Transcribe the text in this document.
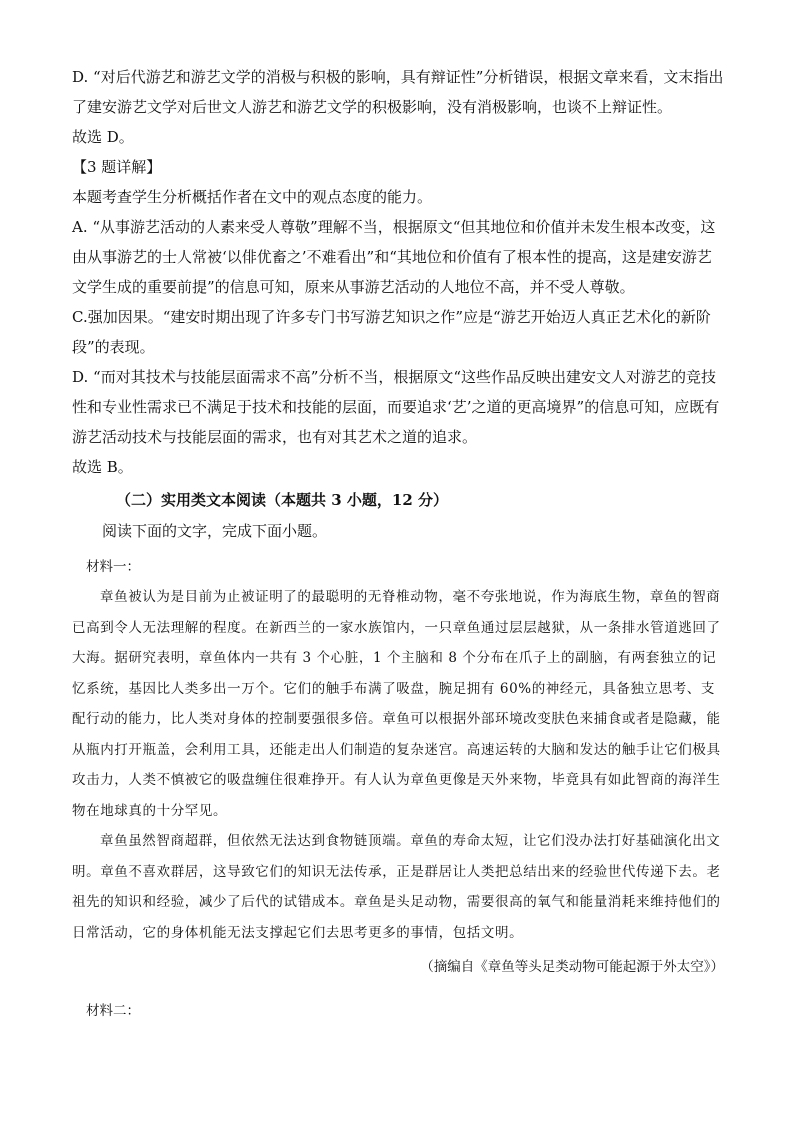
D. “对后代游艺和游艺文学的消极与积极的影响，具有辩证性”分析错误，根据文章来看，文末指出了建安游艺文学对后世文人游艺和游艺文学的积极影响，没有消极影响，也谈不上辩证性。

故选 D。

【3 题详解】

本题考查学生分析概括作者在文中的观点态度的能力。

A. “从事游艺活动的人素来受人尊敬”理解不当，根据原文“但其地位和价值并未发生根本改变，这由从事游艺的士人常被‘以俳优畜之’不难看出”和“其地位和价值有了根本性的提高，这是建安游艺文学生成的重要前提”的信息可知，原来从事游艺活动的人地位不高，并不受人尊敬。

C.强加因果。“建安时期出现了许多专门书写游艺知识之作”应是“游艺开始迈人真正艺术化的新阶段”的表现。

D. “而对其技术与技能层面需求不高”分析不当，根据原文“这些作品反映出建安文人对游艺的竞技性和专业性需求已不满足于技术和技能的层面，而要追求‘艺’之道的更高境界”的信息可知，应既有游艺活动技术与技能层面的需求，也有对其艺术之道的追求。

故选 B。

（二）实用类文本阅读（本题共 3 小题，12 分）

阅读下面的文字，完成下面小题。

材料一：

章鱼被认为是目前为止被证明了的最聪明的无脊椎动物，毫不夸张地说，作为海底生物，章鱼的智商已高到令人无法理解的程度。在新西兰的一家水族馆内，一只章鱼通过层层越狱，从一条排水管道逃回了大海。据研究表明，章鱼体内一共有 3 个心脏，1 个主脑和 8 个分布在爪子上的副脑，有两套独立的记忆系统，基因比人类多出一万个。它们的触手布满了吸盘，腕足拥有 60%的神经元，具备独立思考、支配行动的能力，比人类对身体的控制要强很多倍。章鱼可以根据外部环境改变肤色来捕食或者是隐藏，能从瓶内打开瓶盖，会利用工具，还能走出人们制造的复杂迷宫。高速运转的大脑和发达的触手让它们极具攻击力，人类不慎被它的吸盘缠住很难挣开。有人认为章鱼更像是天外来物，毕竟具有如此智商的海洋生物在地球真的十分罕见。

章鱼虽然智商超群，但依然无法达到食物链顶端。章鱼的寿命太短，让它们没办法打好基础演化出文明。章鱼不喜欢群居，这导致它们的知识无法传承，正是群居让人类把总结出来的经验世代传递下去。老祖先的知识和经验，减少了后代的试错成本。章鱼是头足动物，需要很高的氧气和能量消耗来维持他们的日常活动，它的身体机能无法支撑起它们去思考更多的事情，包括文明。

（摘编自《章鱼等头足类动物可能起源于外太空》）

材料二：
